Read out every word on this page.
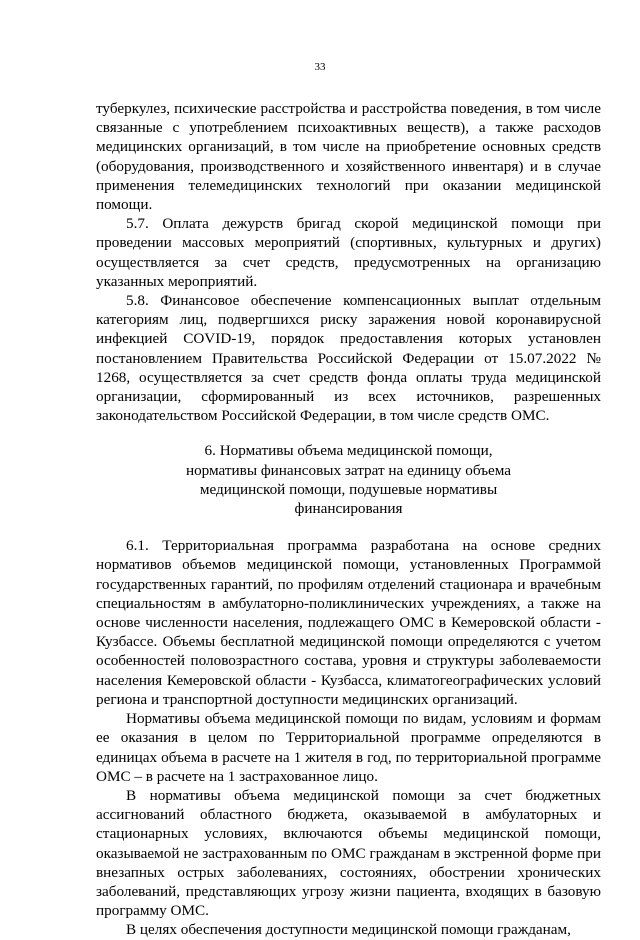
33

туберкулез, психические расстройства и расстройства поведения, в том числе связанные с употреблением психоактивных веществ), а также расходов медицинских организаций, в том числе на приобретение основных средств (оборудования, производственного и хозяйственного инвентаря) и в случае применения телемедицинских технологий при оказании медицинской помощи.

5.7. Оплата дежурств бригад скорой медицинской помощи при проведении массовых мероприятий (спортивных, культурных и других) осуществляется за счет средств, предусмотренных на организацию указанных мероприятий.

5.8. Финансовое обеспечение компенсационных выплат отдельным категориям лиц, подвергшихся риску заражения новой коронавирусной инфекцией COVID-19, порядок предоставления которых установлен постановлением Правительства Российской Федерации от 15.07.2022 № 1268, осуществляется за счет средств фонда оплаты труда медицинской организации, сформированный из всех источников, разрешенных законодательством Российской Федерации, в том числе средств ОМС.

6. Нормативы объема медицинской помощи,
нормативы финансовых затрат на единицу объема
медицинской помощи, подушевые нормативы
финансирования

6.1. Территориальная программа разработана на основе средних нормативов объемов медицинской помощи, установленных Программой государственных гарантий, по профилям отделений стационара и врачебным специальностям в амбулаторно-поликлинических учреждениях, а также на основе численности населения, подлежащего ОМС в Кемеровской области - Кузбассе. Объемы бесплатной медицинской помощи определяются с учетом особенностей половозрастного состава, уровня и структуры заболеваемости населения Кемеровской области - Кузбасса, климатогеографических условий региона и транспортной доступности медицинских организаций.

Нормативы объема медицинской помощи по видам, условиям и формам ее оказания в целом по Территориальной программе определяются в единицах объема в расчете на 1 жителя в год, по территориальной программе ОМС – в расчете на 1 застрахованное лицо.

В нормативы объема медицинской помощи за счет бюджетных ассигнований областного бюджета, оказываемой в амбулаторных и стационарных условиях, включаются объемы медицинской помощи, оказываемой не застрахованным по ОМС гражданам в экстренной форме при внезапных острых заболеваниях, состояниях, обострении хронических заболеваний, представляющих угрозу жизни пациента, входящих в базовую программу ОМС.

В целях обеспечения доступности медицинской помощи гражданам,
